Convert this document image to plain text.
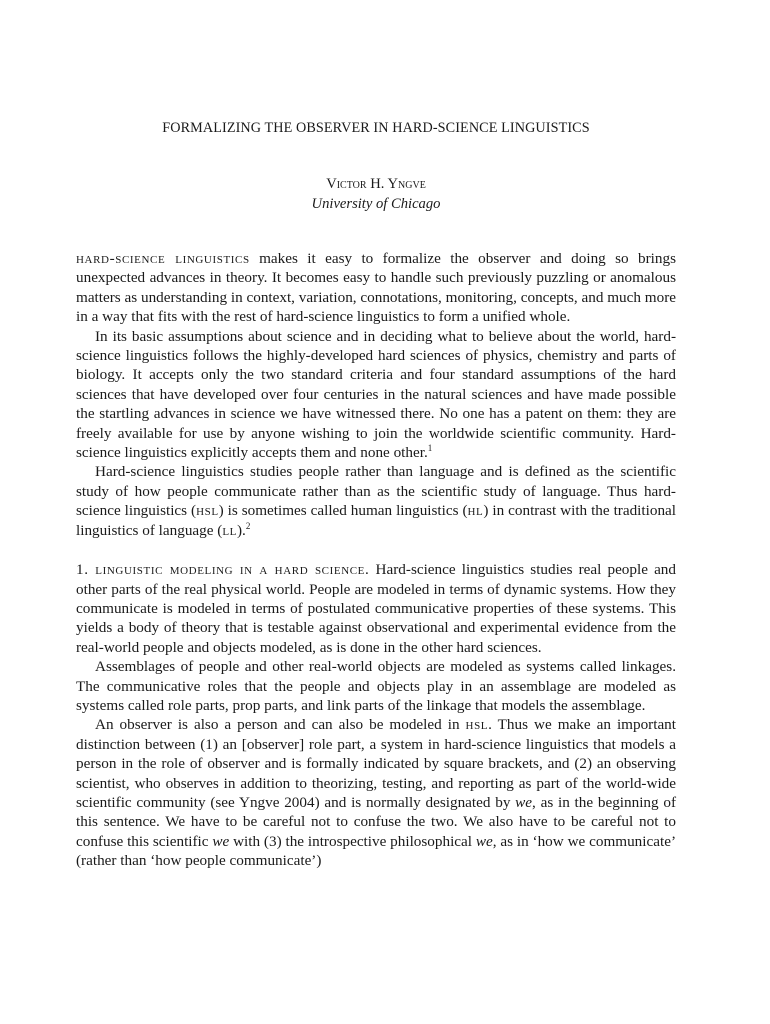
FORMALIZING THE OBSERVER IN HARD-SCIENCE LINGUISTICS
Victor H. Yngve
University of Chicago

hard-science linguistics makes it easy to formalize the observer and doing so brings unexpected advances in theory. It becomes easy to handle such previously puzzling or anomalous matters as understanding in context, variation, connotations, monitoring, concepts, and much more in a way that fits with the rest of hard-science linguistics to form a unified whole.

In its basic assumptions about science and in deciding what to believe about the world, hard-science linguistics follows the highly-developed hard sciences of physics, chemistry and parts of biology. It accepts only the two standard criteria and four standard assumptions of the hard sciences that have developed over four centuries in the natural sciences and have made possible the startling advances in science we have witnessed there. No one has a patent on them: they are freely available for use by anyone wishing to join the worldwide scientific community. Hard-science linguistics explicitly accepts them and none other.$^1$

Hard-science linguistics studies people rather than language and is defined as the scientific study of how people communicate rather than as the scientific study of language. Thus hard-science linguistics (hsl) is sometimes called human linguistics (hl) in contrast with the traditional linguistics of language (ll).$^2$

1. linguistic modeling in a hard science. Hard-science linguistics studies real people and other parts of the real physical world. People are modeled in terms of dynamic systems. How they communicate is modeled in terms of postulated communicative properties of these systems. This yields a body of theory that is testable against observational and experimental evidence from the real-world people and objects modeled, as is done in the other hard sciences.

Assemblages of people and other real-world objects are modeled as systems called linkages. The communicative roles that the people and objects play in an assemblage are modeled as systems called role parts, prop parts, and link parts of the linkage that models the assemblage.

An observer is also a person and can also be modeled in hsl. Thus we make an important distinction between (1) an [observer] role part, a system in hard-science linguistics that models a person in the role of observer and is formally indicated by square brackets, and (2) an observing scientist, who observes in addition to theorizing, testing, and reporting as part of the world-wide scientific community (see Yngve 2004) and is normally designated by we, as in the beginning of this sentence. We have to be careful not to confuse the two. We also have to be careful not to confuse this scientific we with (3) the introspective philosophical we, as in ‘how we communicate’ (rather than ‘how people communicate’)
